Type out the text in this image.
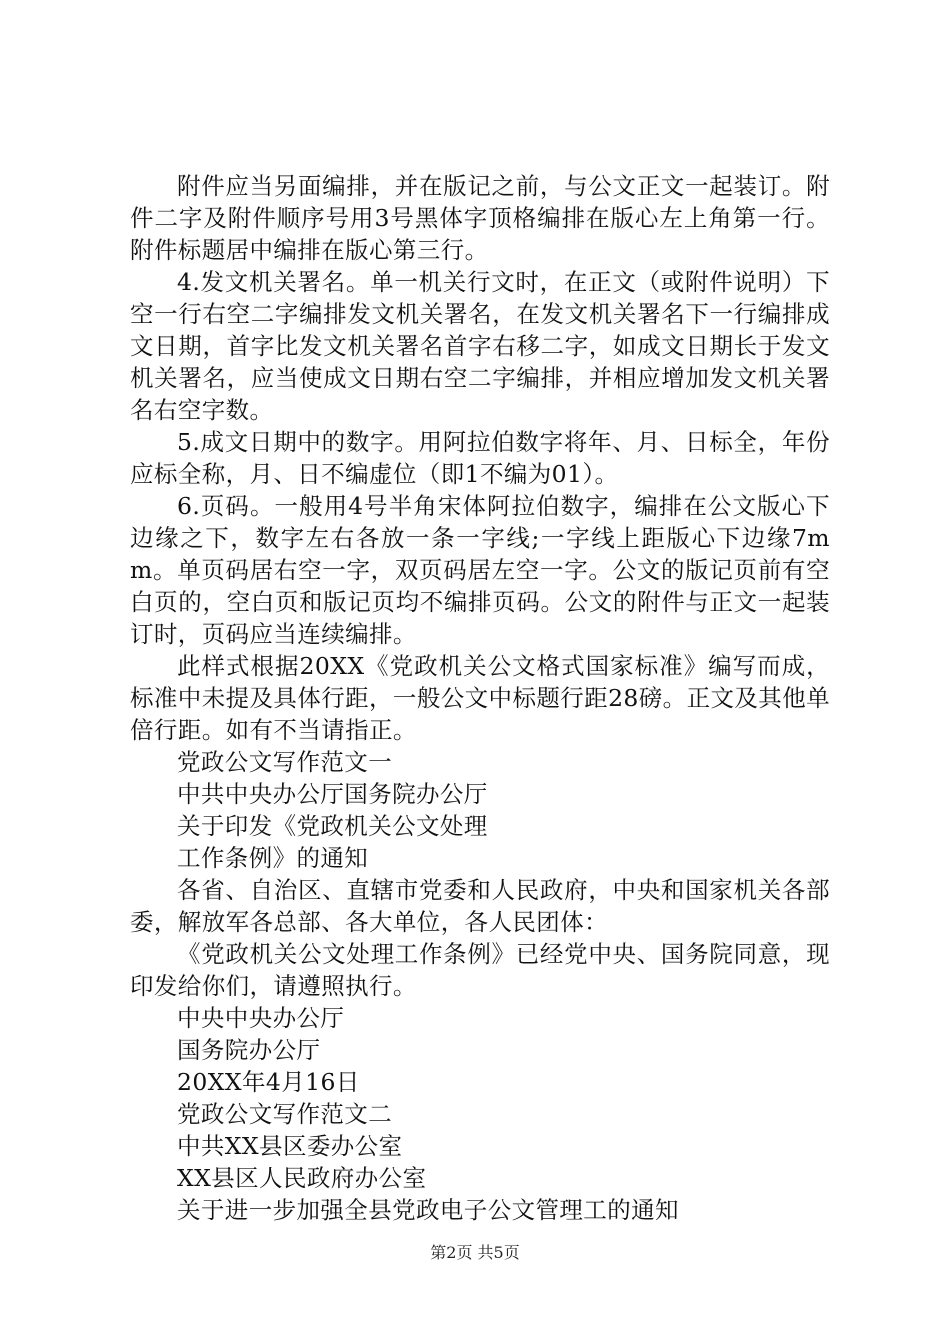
附件应当另面编排，并在版记之前，与公文正文一起装订。附件二字及附件顺序号用3号黑体字顶格编排在版心左上角第一行。附件标题居中编排在版心第三行。

4.发文机关署名。单一机关行文时，在正文（或附件说明）下空一行右空二字编排发文机关署名，在发文机关署名下一行编排成文日期，首字比发文机关署名首字右移二字，如成文日期长于发文机关署名，应当使成文日期右空二字编排，并相应增加发文机关署名右空字数。

5.成文日期中的数字。用阿拉伯数字将年、月、日标全，年份应标全称，月、日不编虚位（即1不编为01）。

6.页码。一般用4号半角宋体阿拉伯数字，编排在公文版心下边缘之下，数字左右各放一条一字线;一字线上距版心下边缘7mm。单页码居右空一字，双页码居左空一字。公文的版记页前有空白页的，空白页和版记页均不编排页码。公文的附件与正文一起装订时，页码应当连续编排。

此样式根据20XX《党政机关公文格式国家标准》编写而成，标准中未提及具体行距，一般公文中标题行距28磅。正文及其他单倍行距。如有不当请指正。

党政公文写作范文一

中共中央办公厅国务院办公厅

关于印发《党政机关公文处理

工作条例》的通知

各省、自治区、直辖市党委和人民政府，中央和国家机关各部委，解放军各总部、各大单位，各人民团体：

《党政机关公文处理工作条例》已经党中央、国务院同意，现印发给你们，请遵照执行。

中央中央办公厅

国务院办公厅

20XX年4月16日

党政公文写作范文二

中共XX县区委办公室

XX县区人民政府办公室

关于进一步加强全县党政电子公文管理工的通知

第2页 共5页
